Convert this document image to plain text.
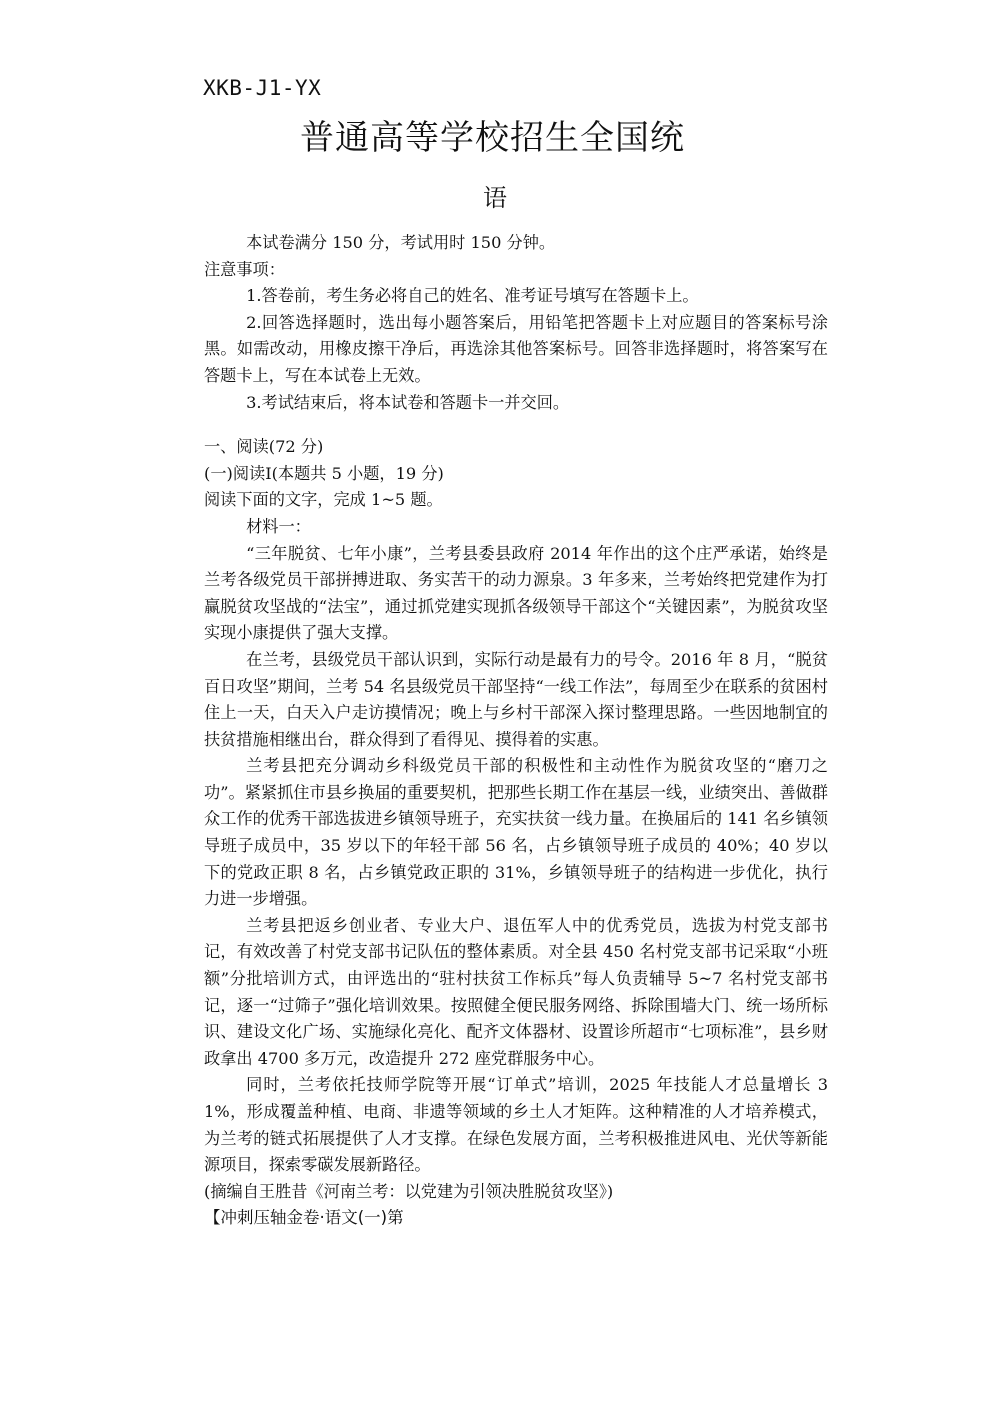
XKB-J1-YX
普通高等学校招生全国统
语

本试卷满分 150 分，考试用时 150 分钟。

注意事项：

1.答卷前，考生务必将自己的姓名、准考证号填写在答题卡上。

2.回答选择题时，选出每小题答案后，用铅笔把答题卡上对应题目的答案标号涂黑。如需改动，用橡皮擦干净后，再选涂其他答案标号。回答非选择题时，将答案写在答题卡上，写在本试卷上无效。

3.考试结束后，将本试卷和答题卡一并交回。

一、阅读(72 分)

(一)阅读Ⅰ(本题共 5 小题，19 分)

阅读下面的文字，完成 1~5 题。

材料一：

“三年脱贫、七年小康”，兰考县委县政府 2014 年作出的这个庄严承诺，始终是兰考各级党员干部拼搏进取、务实苦干的动力源泉。3 年多来，兰考始终把党建作为打赢脱贫攻坚战的“法宝”，通过抓党建实现抓各级领导干部这个“关键因素”，为脱贫攻坚实现小康提供了强大支撑。

在兰考，县级党员干部认识到，实际行动是最有力的号令。2016 年 8 月，“脱贫百日攻坚”期间，兰考 54 名县级党员干部坚持“一线工作法”，每周至少在联系的贫困村住上一天，白天入户走访摸情况；晚上与乡村干部深入探讨整理思路。一些因地制宜的扶贫措施相继出台，群众得到了看得见、摸得着的实惠。

兰考县把充分调动乡科级党员干部的积极性和主动性作为脱贫攻坚的“磨刀之功”。紧紧抓住市县乡换届的重要契机，把那些长期工作在基层一线，业绩突出、善做群众工作的优秀干部选拔进乡镇领导班子，充实扶贫一线力量。在换届后的 141 名乡镇领导班子成员中，35 岁以下的年轻干部 56 名，占乡镇领导班子成员的 40%；40 岁以下的党政正职 8 名，占乡镇党政正职的 31%，乡镇领导班子的结构进一步优化，执行力进一步增强。

兰考县把返乡创业者、专业大户、退伍军人中的优秀党员，选拔为村党支部书记，有效改善了村党支部书记队伍的整体素质。对全县 450 名村党支部书记采取“小班额”分批培训方式，由评选出的“驻村扶贫工作标兵”每人负责辅导 5~7 名村党支部书记，逐一“过筛子”强化培训效果。按照健全便民服务网络、拆除围墙大门、统一场所标识、建设文化广场、实施绿化亮化、配齐文体器材、设置诊所超市“七项标准”，县乡财政拿出 4700 多万元，改造提升 272 座党群服务中心。

同时，兰考依托技师学院等开展“订单式”培训，2025 年技能人才总量增长 31%，形成覆盖种植、电商、非遗等领域的乡土人才矩阵。这种精准的人才培养模式，为兰考的链式拓展提供了人才支撑。在绿色发展方面，兰考积极推进风电、光伏等新能源项目，探索零碳发展新路径。

(摘编自王胜昔《河南兰考：以党建为引领决胜脱贫攻坚》)

【冲刺压轴金卷·语文(一)第
